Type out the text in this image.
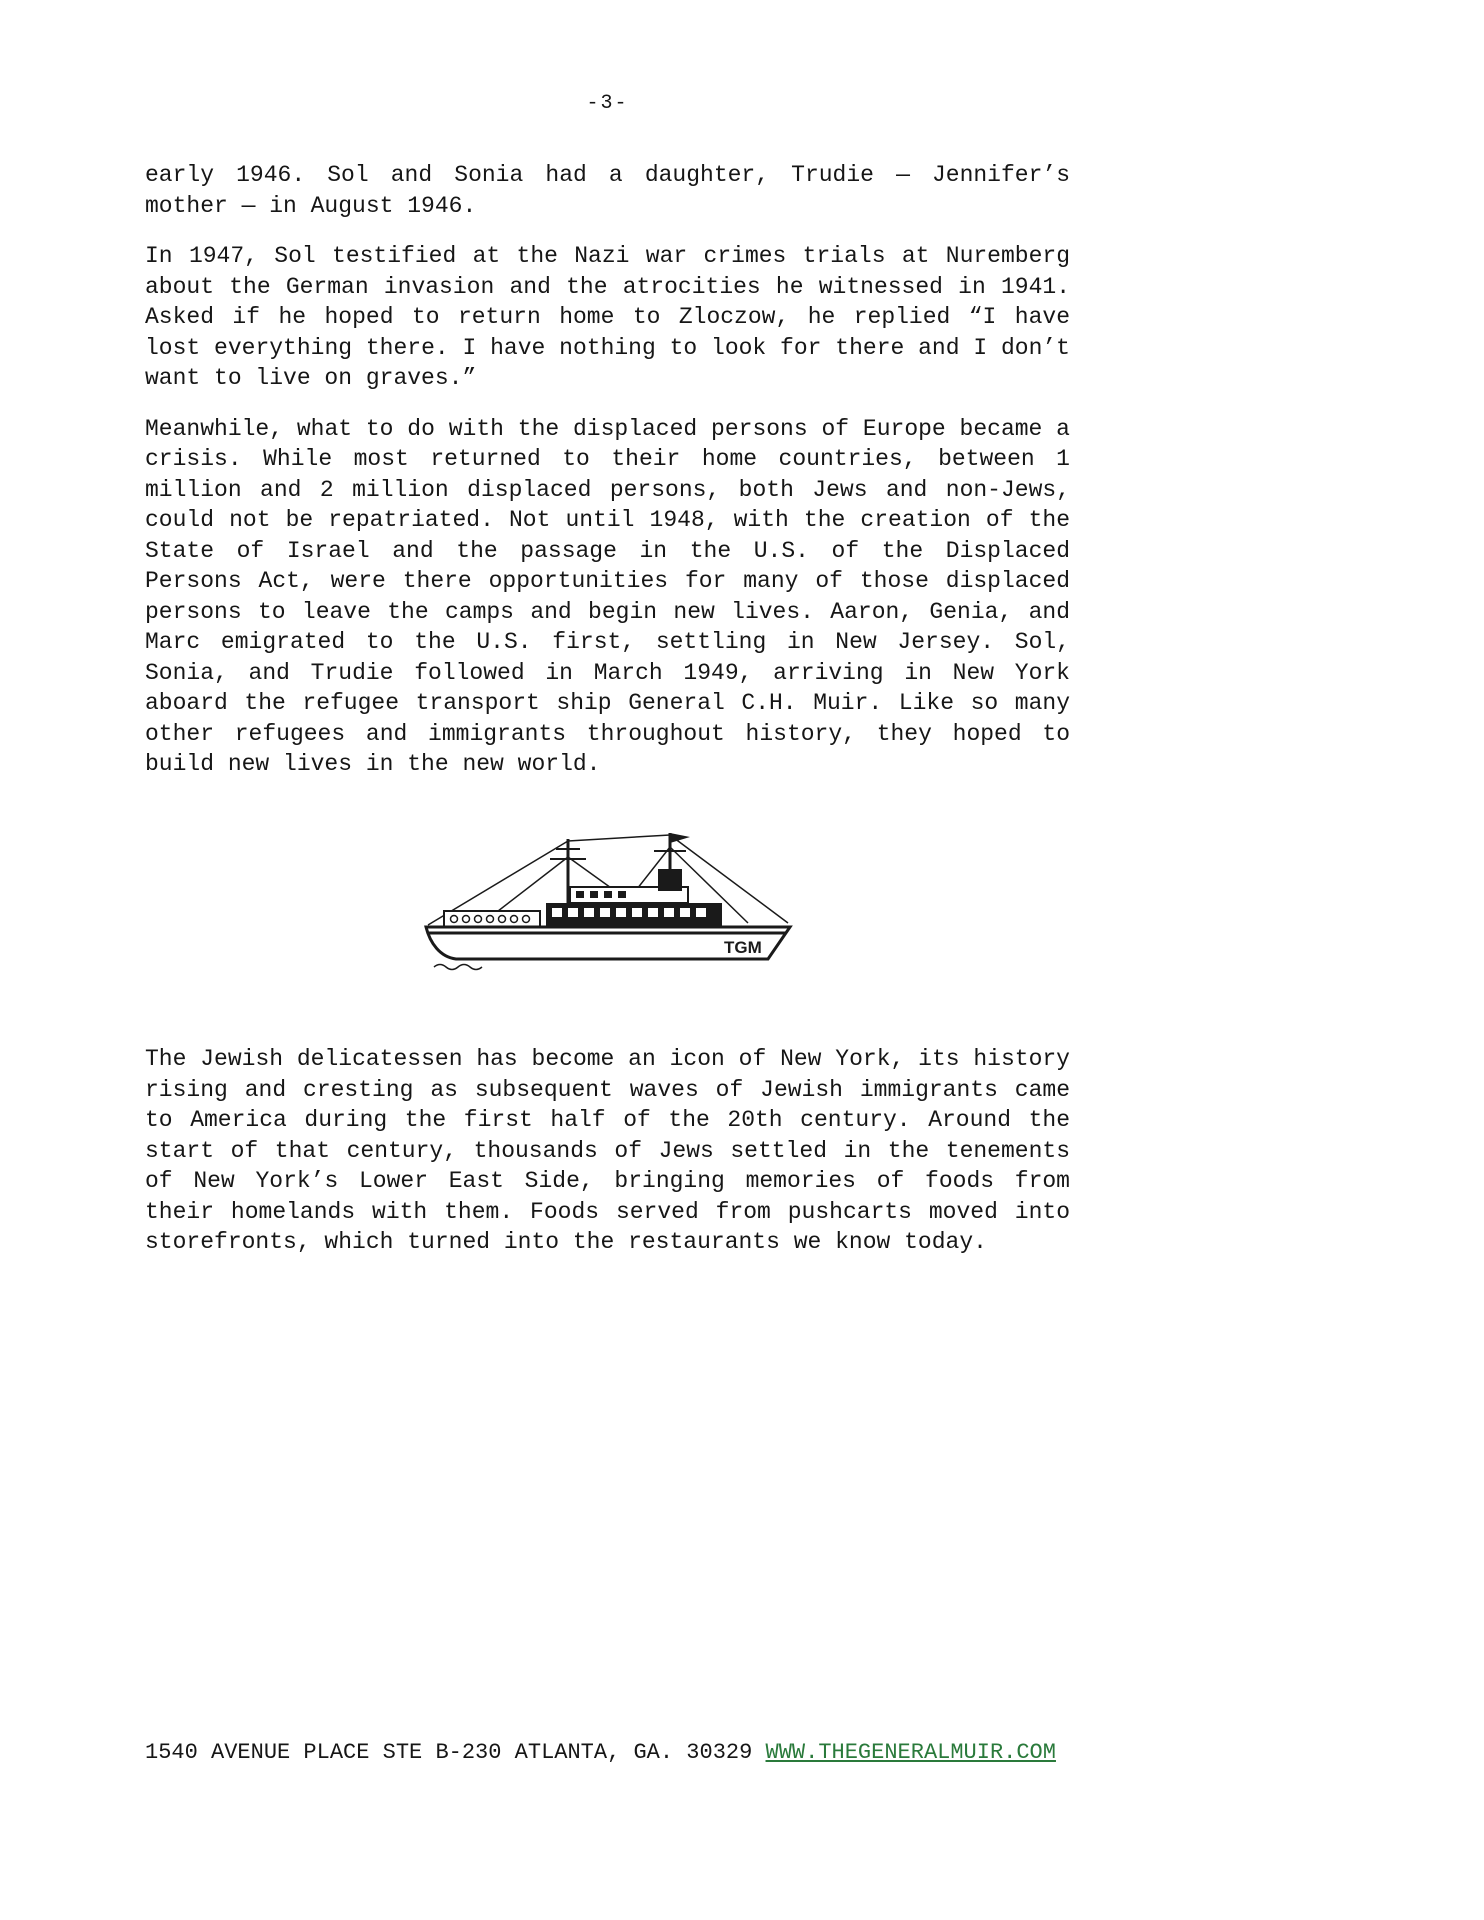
-3-

early 1946. Sol and Sonia had a daughter, Trudie — Jennifer’s mother — in August 1946.

In 1947, Sol testified at the Nazi war crimes trials at Nuremberg about the German invasion and the atrocities he witnessed in 1941. Asked if he hoped to return home to Zloczow, he replied “I have lost everything there. I have nothing to look for there and I don’t want to live on graves.”

Meanwhile, what to do with the displaced persons of Europe became a crisis. While most returned to their home countries, between 1 million and 2 million displaced persons, both Jews and non-Jews, could not be repatriated. Not until 1948, with the creation of the State of Israel and the passage in the U.S. of the Displaced Persons Act, were there opportunities for many of those displaced persons to leave the camps and begin new lives. Aaron, Genia, and Marc emigrated to the U.S. first, settling in New Jersey. Sol, Sonia, and Trudie followed in March 1949, arriving in New York aboard the refugee transport ship General C.H. Muir. Like so many other refugees and immigrants throughout history, they hoped to build new lives in the new world.

TGM

The Jewish delicatessen has become an icon of New York, its history rising and cresting as subsequent waves of Jewish immigrants came to America during the first half of the 20th century. Around the start of that century, thousands of Jews settled in the tenements of New York’s Lower East Side, bringing memories of foods from their homelands with them. Foods served from pushcarts moved into storefronts, which turned into the restaurants we know today.

1540 AVENUE PLACE STE B-230 ATLANTA, GA. 30329 WWW.THEGENERALMUIR.COM
